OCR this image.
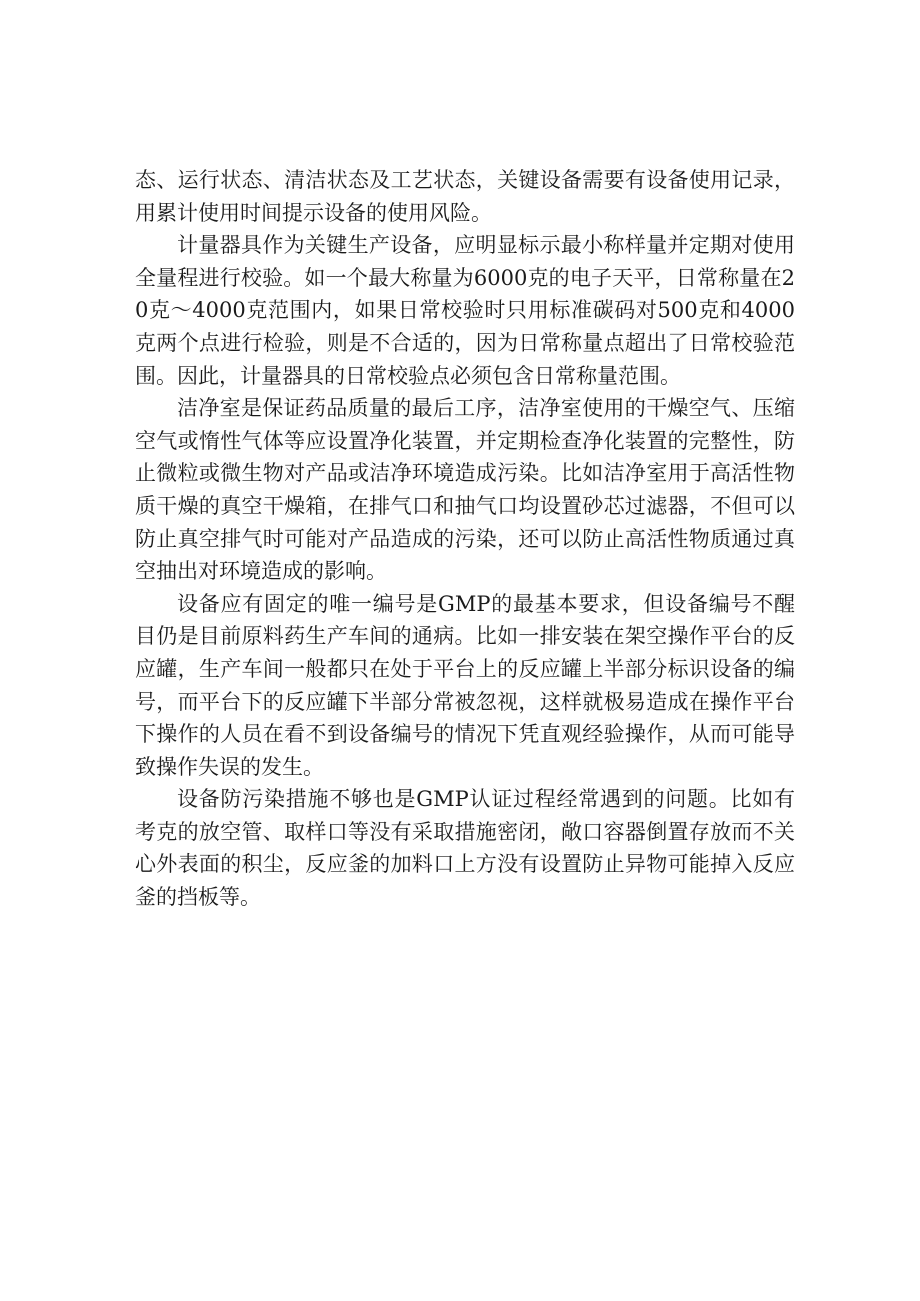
态、运行状态、清洁状态及工艺状态，关键设备需要有设备使用记录，用累计使用时间提示设备的使用风险。

计量器具作为关键生产设备，应明显标示最小称样量并定期对使用全量程进行校验。如一个最大称量为6000克的电子天平，日常称量在20克～4000克范围内，如果日常校验时只用标准碳码对500克和4000克两个点进行检验，则是不合适的，因为日常称量点超出了日常校验范围。因此，计量器具的日常校验点必须包含日常称量范围。

洁净室是保证药品质量的最后工序，洁净室使用的干燥空气、压缩空气或惰性气体等应设置净化装置，并定期检查净化装置的完整性，防止微粒或微生物对产品或洁净环境造成污染。比如洁净室用于高活性物质干燥的真空干燥箱，在排气口和抽气口均设置砂芯过滤器，不但可以防止真空排气时可能对产品造成的污染，还可以防止高活性物质通过真空抽出对环境造成的影响。

设备应有固定的唯一编号是GMP的最基本要求，但设备编号不醒目仍是目前原料药生产车间的通病。比如一排安装在架空操作平台的反应罐，生产车间一般都只在处于平台上的反应罐上半部分标识设备的编号，而平台下的反应罐下半部分常被忽视，这样就极易造成在操作平台下操作的人员在看不到设备编号的情况下凭直观经验操作，从而可能导致操作失误的发生。

设备防污染措施不够也是GMP认证过程经常遇到的问题。比如有考克的放空管、取样口等没有采取措施密闭，敞口容器倒置存放而不关心外表面的积尘，反应釜的加料口上方没有设置防止异物可能掉入反应釜的挡板等。
